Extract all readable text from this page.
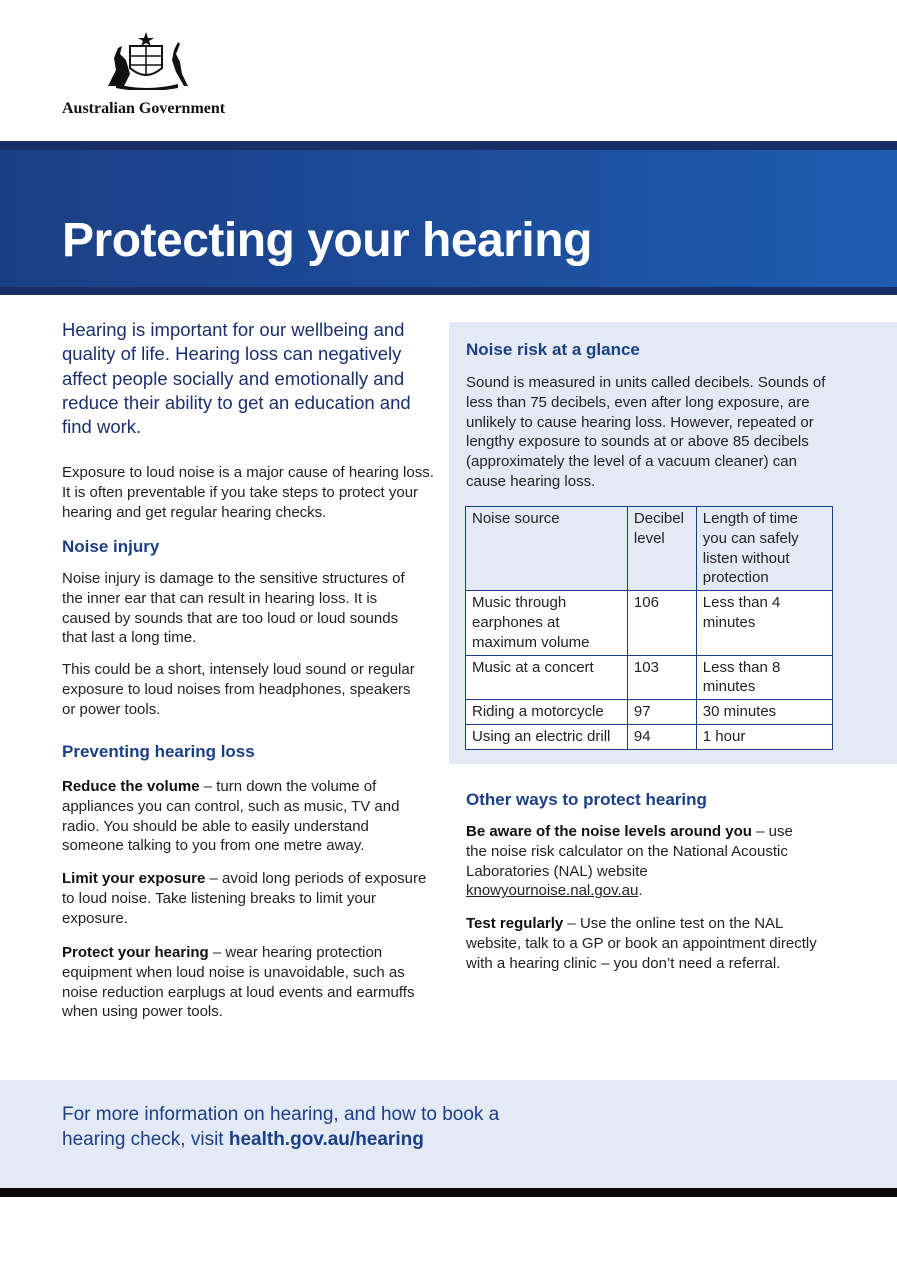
Australian Government
Protecting your hearing
Hearing is important for our wellbeing and quality of life. Hearing loss can negatively affect people socially and emotionally and reduce their ability to get an education and find work.
Exposure to loud noise is a major cause of hearing loss. It is often preventable if you take steps to protect your hearing and get regular hearing checks.
Noise injury
Noise injury is damage to the sensitive structures of the inner ear that can result in hearing loss. It is caused by sounds that are too loud or loud sounds that last a long time.
This could be a short, intensely loud sound or regular exposure to loud noises from headphones, speakers or power tools.
Preventing hearing loss
Reduce the volume – turn down the volume of appliances you can control, such as music, TV and radio. You should be able to easily understand someone talking to you from one metre away.
Limit your exposure – avoid long periods of exposure to loud noise. Take listening breaks to limit your exposure.
Protect your hearing – wear hearing protection equipment when loud noise is unavoidable, such as noise reduction earplugs at loud events and earmuffs when using power tools.
Noise risk at a glance
Sound is measured in units called decibels. Sounds of less than 75 decibels, even after long exposure, are unlikely to cause hearing loss. However, repeated or lengthy exposure to sounds at or above 85 decibels (approximately the level of a vacuum cleaner) can cause hearing loss.
Noise source	Decibel level	Length of time you can safely listen without protection
Music through earphones at maximum volume	106	Less than 4 minutes
Music at a concert	103	Less than 8 minutes
Riding a motorcycle	97	30 minutes
Using an electric drill	94	1 hour
Other ways to protect hearing
Be aware of the noise levels around you – use the noise risk calculator on the National Acoustic Laboratories (NAL) website knowyournoise.nal.gov.au.
Test regularly – Use the online test on the NAL website, talk to a GP or book an appointment directly with a hearing clinic – you don’t need a referral.
For more information on hearing, and how to book a hearing check, visit health.gov.au/hearing
